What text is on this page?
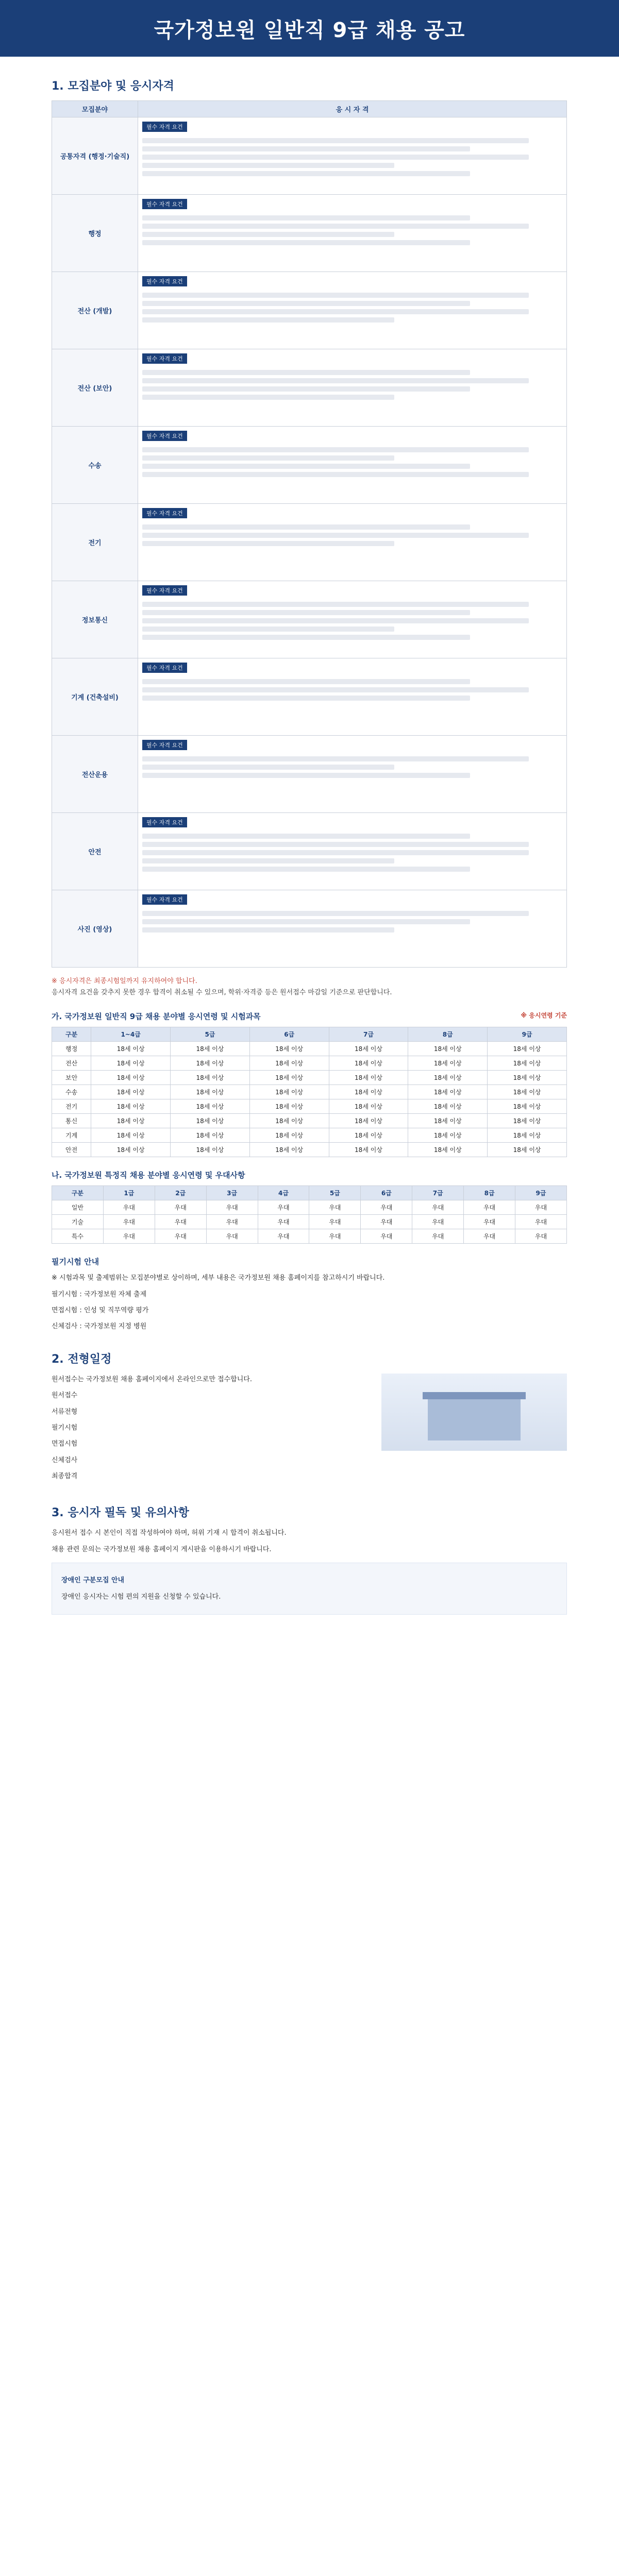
국가정보원 일반직 9급 채용 공고
1. 모집분야 및 응시자격
모집분야	응 시 자 격
공통자격 (행정·기술직)	필수 자격 요건

행정	필수 자격 요건

전산 (개발)	필수 자격 요건

전산 (보안)	필수 자격 요건

수송	필수 자격 요건

전기	필수 자격 요건

정보통신	필수 자격 요건

기계 (건축설비)	필수 자격 요건

전산운용	필수 자격 요건

안전	필수 자격 요건

사진 (영상)	필수 자격 요건
※ 응시자격은 최종시험일까지 유지하여야 합니다.
응시자격 요건을 갖추지 못한 경우 합격이 취소될 수 있으며, 학위·자격증 등은 원서접수 마감일 기준으로 판단합니다.
가. 국가정보원 일반직 9급 채용 분야별 응시연령 및 시험과목	※ 응시연령 기준
구분	1~4급	5급	6급	7급	8급	9급
행정	18세 이상	18세 이상	18세 이상	18세 이상	18세 이상	18세 이상
전산	18세 이상	18세 이상	18세 이상	18세 이상	18세 이상	18세 이상
보안	18세 이상	18세 이상	18세 이상	18세 이상	18세 이상	18세 이상
수송	18세 이상	18세 이상	18세 이상	18세 이상	18세 이상	18세 이상
전기	18세 이상	18세 이상	18세 이상	18세 이상	18세 이상	18세 이상
통신	18세 이상	18세 이상	18세 이상	18세 이상	18세 이상	18세 이상
기계	18세 이상	18세 이상	18세 이상	18세 이상	18세 이상	18세 이상
안전	18세 이상	18세 이상	18세 이상	18세 이상	18세 이상	18세 이상
나. 국가정보원 특정직 채용 분야별 응시연령 및 우대사항
구분	1급	2급	3급	4급	5급	6급	7급	8급	9급
일반	우대	우대	우대	우대	우대	우대	우대	우대	우대
기술	우대	우대	우대	우대	우대	우대	우대	우대	우대
특수	우대	우대	우대	우대	우대	우대	우대	우대	우대
필기시험 안내
※ 시험과목 및 출제범위는 모집분야별로 상이하며, 세부 내용은 국가정보원 채용 홈페이지를 참고하시기 바랍니다.
필기시험 : 국가정보원 자체 출제
면접시험 : 인성 및 직무역량 평가
신체검사 : 국가정보원 지정 병원
2. 전형일정
원서접수는 국가정보원 채용 홈페이지에서 온라인으로만 접수합니다.
원서접수
서류전형
필기시험
면접시험
신체검사
최종합격
3. 응시자 필독 및 유의사항
응시원서 접수 시 본인이 직접 작성하여야 하며, 허위 기재 시 합격이 취소됩니다.
채용 관련 문의는 국가정보원 채용 홈페이지 게시판을 이용하시기 바랍니다.
장애인 구분모집 안내
장애인 응시자는 시험 편의 지원을 신청할 수 있습니다.
